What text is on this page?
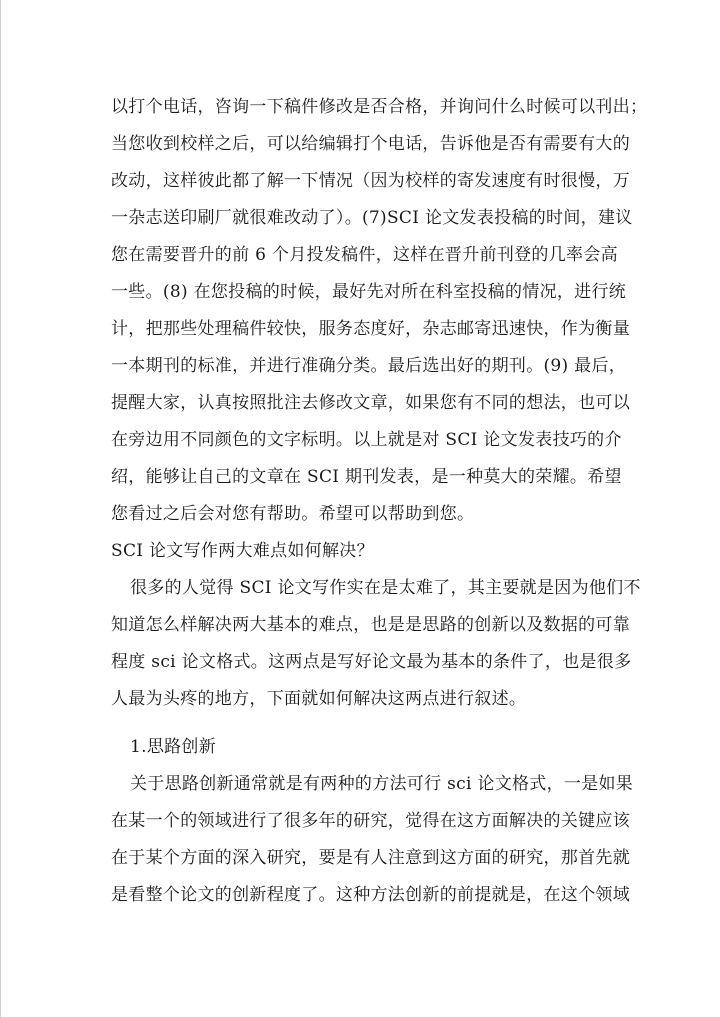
以打个电话，咨询一下稿件修改是否合格，并询问什么时候可以刊出；
当您收到校样之后，可以给编辑打个电话，告诉他是否有需要有大的
改动，这样彼此都了解一下情况（因为校样的寄发速度有时很慢，万
一杂志送印刷厂就很难改动了）。(7)SCI 论文发表投稿的时间，建议
您在需要晋升的前 6 个月投发稿件，这样在晋升前刊登的几率会高
一些。(8) 在您投稿的时候，最好先对所在科室投稿的情况，进行统
计，把那些处理稿件较快，服务态度好，杂志邮寄迅速快，作为衡量
一本期刊的标准，并进行准确分类。最后选出好的期刊。(9) 最后，
提醒大家，认真按照批注去修改文章，如果您有不同的想法，也可以
在旁边用不同颜色的文字标明。以上就是对 SCI 论文发表技巧的介
绍，能够让自己的文章在 SCI 期刊发表，是一种莫大的荣耀。希望
您看过之后会对您有帮助。希望可以帮助到您。
SCI 论文写作两大难点如何解决？
很多的人觉得 SCI 论文写作实在是太难了，其主要就是因为他们不
知道怎么样解决两大基本的难点，也是是思路的创新以及数据的可靠
程度 sci 论文格式。这两点是写好论文最为基本的条件了，也是很多
人最为头疼的地方，下面就如何解决这两点进行叙述。
1.思路创新
关于思路创新通常就是有两种的方法可行 sci 论文格式，一是如果
在某一个的领域进行了很多年的研究，觉得在这方面解决的关键应该
在于某个方面的深入研究，要是有人注意到这方面的研究，那首先就
是看整个论文的创新程度了。这种方法创新的前提就是，在这个领域
